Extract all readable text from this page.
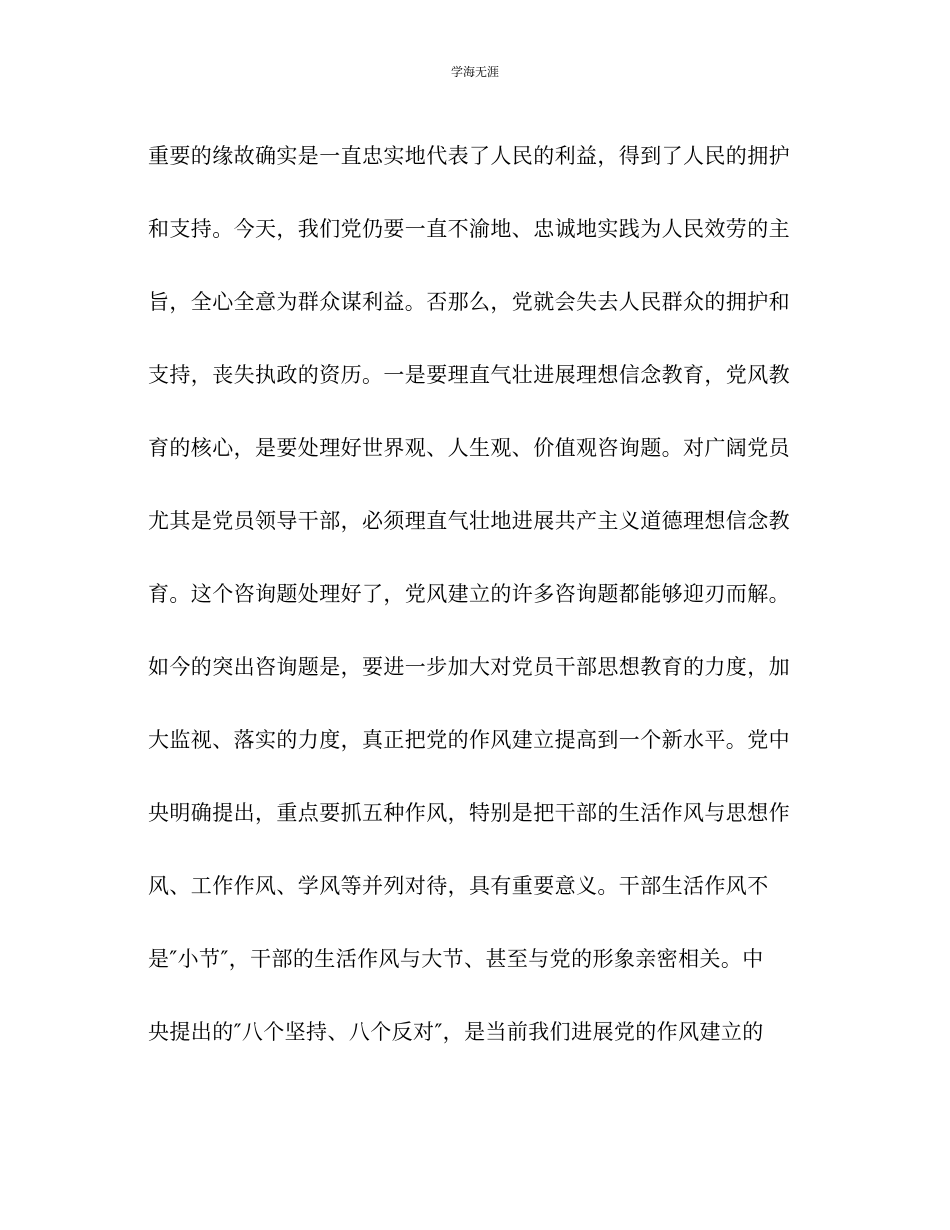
学海无涯
重要的缘故确实是一直忠实地代表了人民的利益，得到了人民的拥护
和支持。今天，我们党仍要一直不渝地、忠诚地实践为人民效劳的主
旨，全心全意为群众谋利益。否那么，党就会失去人民群众的拥护和
支持，丧失执政的资历。一是要理直气壮进展理想信念教育，党风教
育的核心，是要处理好世界观、人生观、价值观咨询题。对广阔党员
尤其是党员领导干部，必须理直气壮地进展共产主义道德理想信念教
育。这个咨询题处理好了，党风建立的许多咨询题都能够迎刃而解。
如今的突出咨询题是，要进一步加大对党员干部思想教育的力度，加
大监视、落实的力度，真正把党的作风建立提高到一个新水平。党中
央明确提出，重点要抓五种作风，特别是把干部的生活作风与思想作
风、工作作风、学风等并列对待，具有重要意义。干部生活作风不
是″小节″，干部的生活作风与大节、甚至与党的形象亲密相关。中
央提出的″八个坚持、八个反对″，是当前我们进展党的作风建立的
